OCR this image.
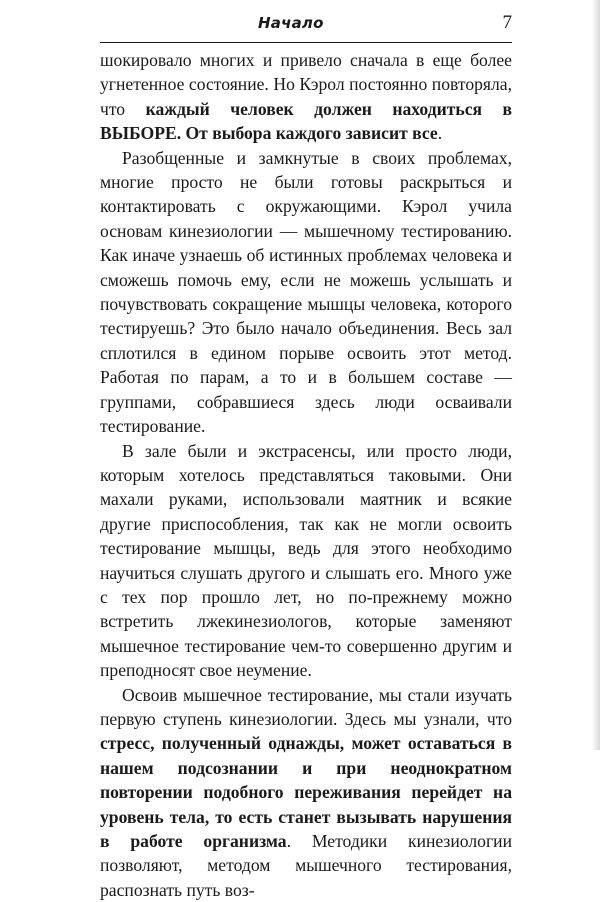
Начало	7

шокировало многих и привело сначала в еще более угнетенное состояние. Но Кэрол постоянно повторяла, что каждый человек должен находиться в ВЫБОРЕ. От выбора каждого зависит все.

Разобщенные и замкнутые в своих проблемах, многие просто не были готовы раскрыться и контактировать с окружающими. Кэрол учила основам кинезиологии — мышечному тестированию. Как иначе узнаешь об истинных проблемах человека и сможешь помочь ему, если не можешь услышать и почувствовать сокращение мышцы человека, которого тестируешь? Это было начало объединения. Весь зал сплотился в едином порыве освоить этот метод. Работая по парам, а то и в большем составе — группами, собравшиеся здесь люди осваивали тестирование.

В зале были и экстрасенсы, или просто люди, которым хотелось представляться таковыми. Они махали руками, использовали маятник и всякие другие приспособления, так как не могли освоить тестирование мышцы, ведь для этого необходимо научиться слушать другого и слышать его. Много уже с тех пор прошло лет, но по-прежнему можно встретить лжекинезиологов, которые заменяют мышечное тестирование чем-то совершенно другим и преподносят свое неумение.

Освоив мышечное тестирование, мы стали изучать первую ступень кинезиологии. Здесь мы узнали, что стресс, полученный однажды, может оставаться в нашем подсознании и при неоднократном повторении подобного переживания перейдет на уровень тела, то есть станет вызывать нарушения в работе организма. Методики кинезиологии позволяют, методом мышечного тестирования, распознать путь воз-
